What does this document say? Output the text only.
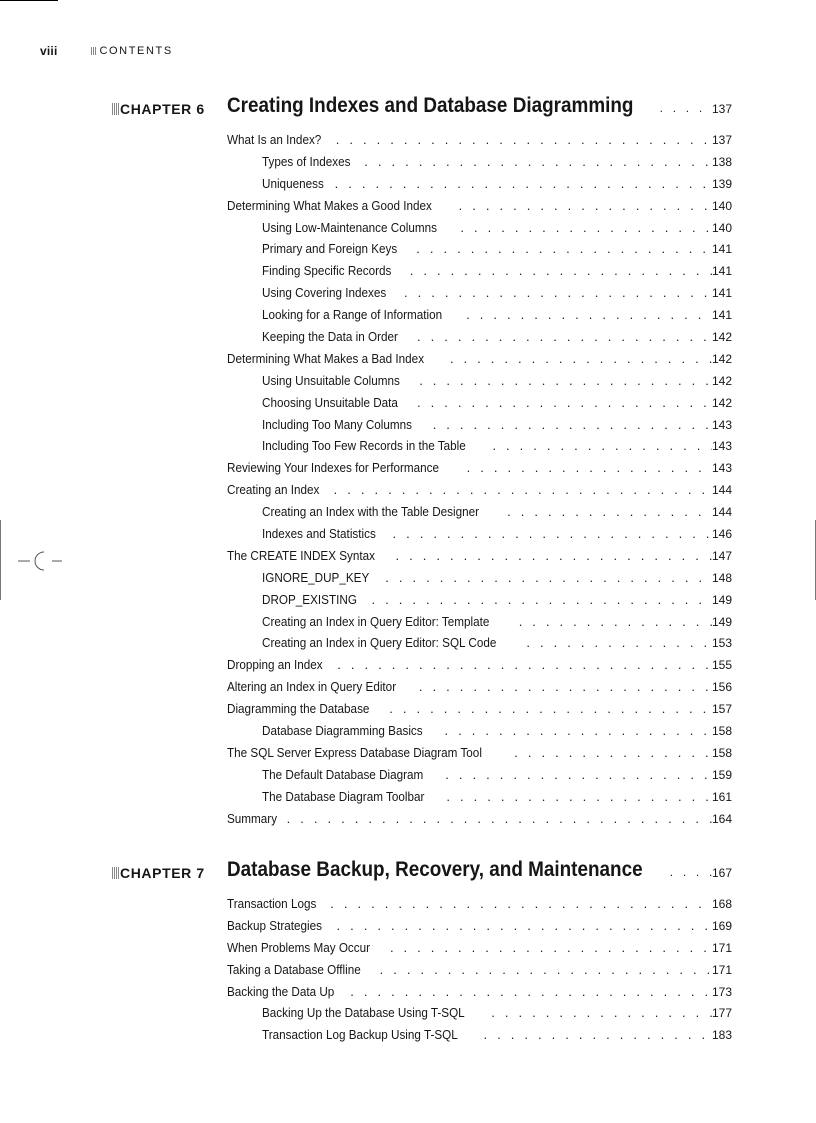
viii	CONTENTS
CHAPTER 6 Creating Indexes and Database Diagramming . . .	137
What Is an Index? . . .	137
Types of Indexes . . .	138
Uniqueness . . .	139
Determining What Makes a Good Index . . .	140
Using Low-Maintenance Columns . . .	140
Primary and Foreign Keys . . .	141
Finding Specific Records . . .	141
Using Covering Indexes . . .	141
Looking for a Range of Information . . .	141
Keeping the Data in Order . . .	142
Determining What Makes a Bad Index . . .	142
Using Unsuitable Columns . . .	142
Choosing Unsuitable Data . . .	142
Including Too Many Columns . . .	143
Including Too Few Records in the Table . . .	143
Reviewing Your Indexes for Performance . . .	143
Creating an Index . . .	144
Creating an Index with the Table Designer . . .	144
Indexes and Statistics . . .	146
The CREATE INDEX Syntax . . .	147
IGNORE_DUP_KEY . . .	148
DROP_EXISTING . . .	149
Creating an Index in Query Editor: Template . . .	149
Creating an Index in Query Editor: SQL Code . . .	153
Dropping an Index . . .	155
Altering an Index in Query Editor . . .	156
Diagramming the Database . . .	157
Database Diagramming Basics . . .	158
The SQL Server Express Database Diagram Tool . . .	158
The Default Database Diagram . . .	159
The Database Diagram Toolbar . . .	161
Summary . . .	164
CHAPTER 7 Database Backup, Recovery, and Maintenance . . .	167
Transaction Logs . . .	168
Backup Strategies . . .	169
When Problems May Occur . . .	171
Taking a Database Offline . . .	171
Backing the Data Up . . .	173
Backing Up the Database Using T-SQL . . .	177
Transaction Log Backup Using T-SQL . . .	183
